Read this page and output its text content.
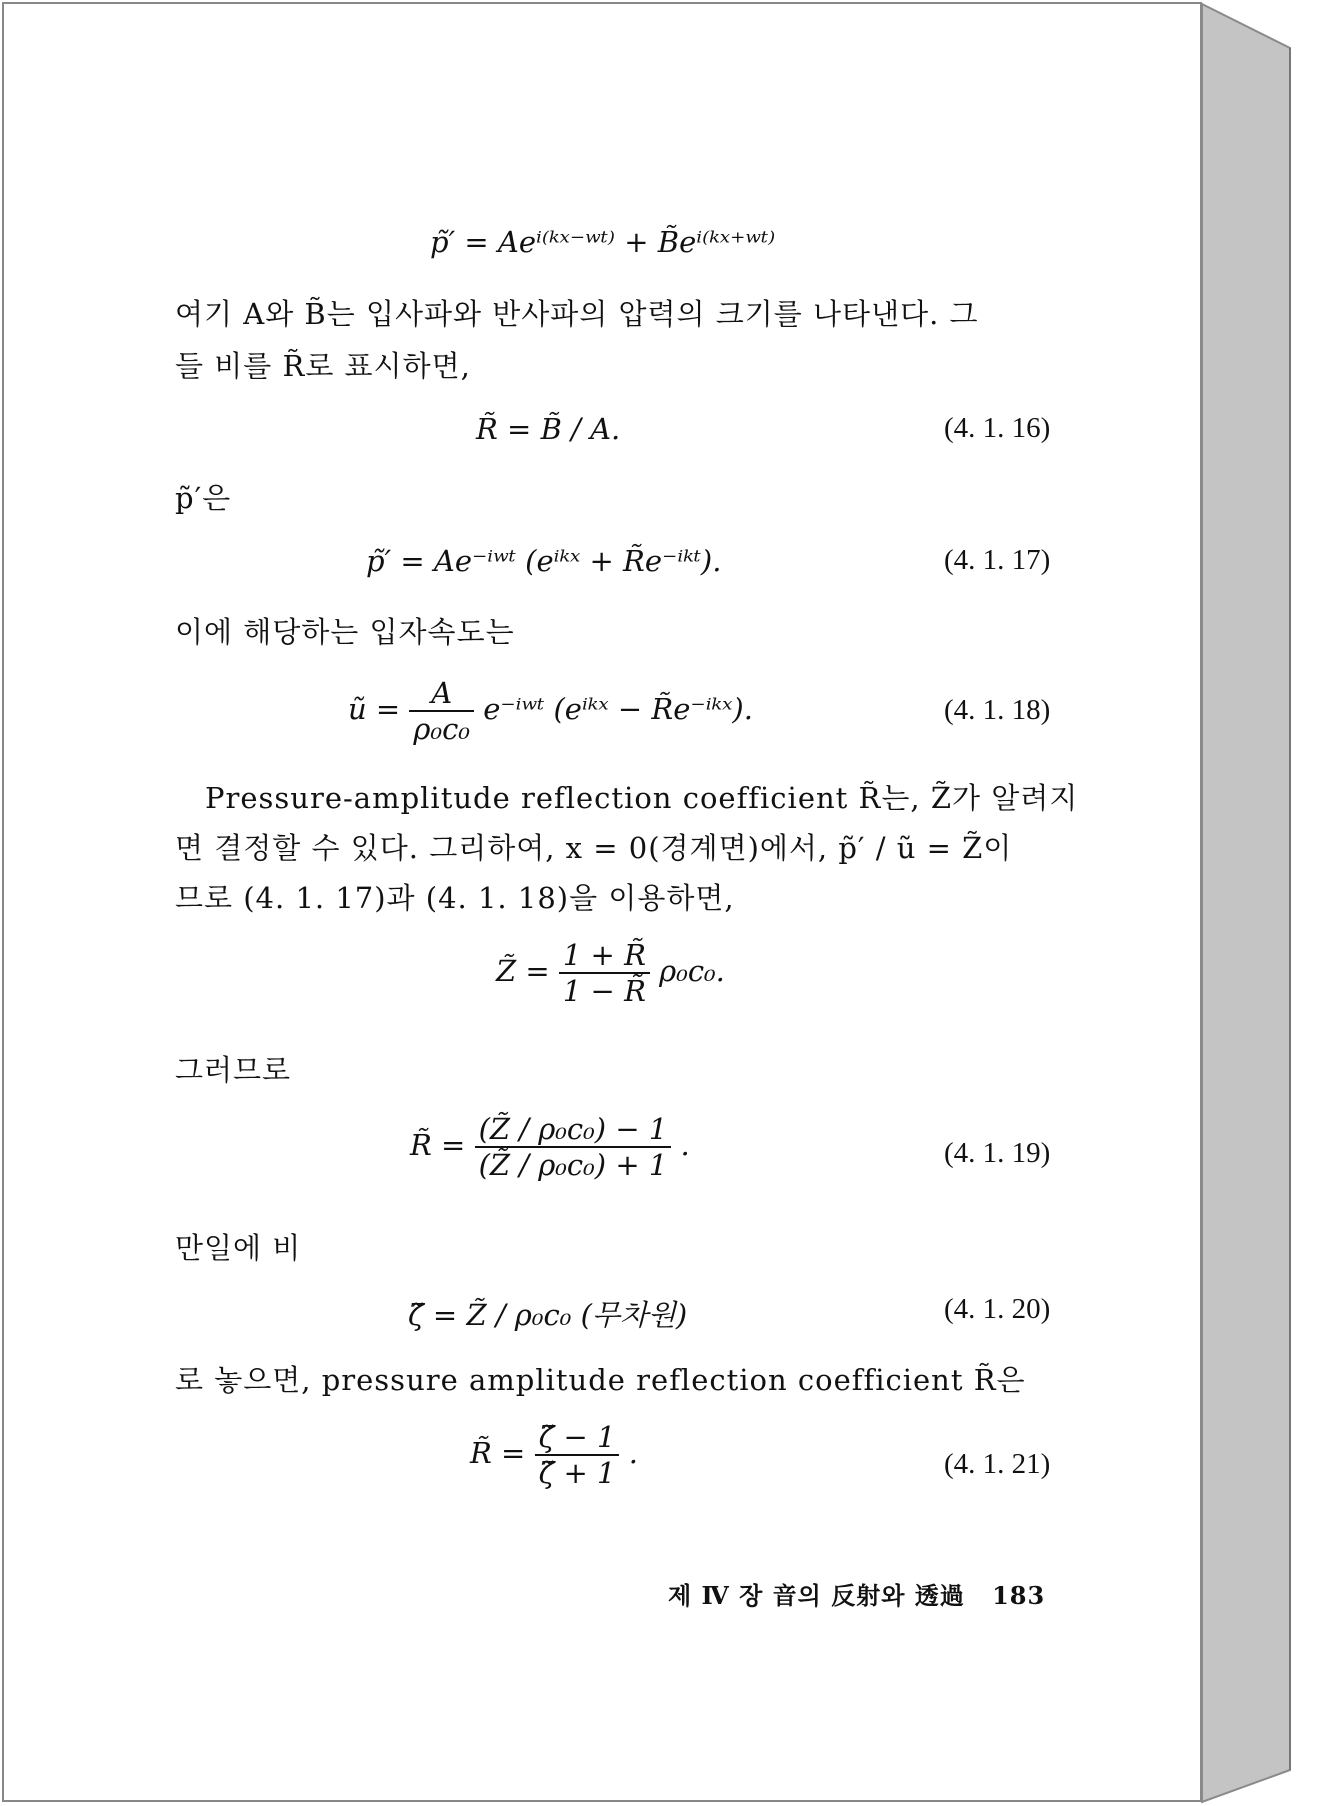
p̃′ = Aeⁱ⁽ᵏˣ⁻ʷᵗ⁾ + B̃eⁱ⁽ᵏˣ⁺ʷᵗ⁾
여기 A와 B̃는 입사파와 반사파의 압력의 크기를 나타낸다. 그
들 비를 R̃로 표시하면,
R̃ = B̃ / A.	(4. 1. 16)
p̃′은
p̃′ = Ae⁻ⁱʷᵗ (eⁱᵏˣ + R̃e⁻ⁱᵏᵗ).	(4. 1. 17)
이에 해당하는 입자속도는
ũ = $\frac{A}{\text{ρ₀c₀}}$ e⁻ⁱʷᵗ (eⁱᵏˣ − R̃e⁻ⁱᵏˣ).	(4. 1. 18)
Pressure-amplitude reflection coefficient R̃는, Z̃가 알려지
면 결정할 수 있다. 그리하여, x = 0(경계면)에서, p̃′ / ũ = Z̃이
므로 (4. 1. 17)과 (4. 1. 18)을 이용하면,
Z̃ = $\frac{1 + R̃}{1 - R̃} \rho_0c_0$.
그러므로
R̃ = $\frac{\text{(Z̃ / ρ₀c₀) − 1}}{\text{(Z̃ / ρ₀c₀) + 1}}$ .	(4. 1. 19)
만일에 비
ζ̃ = Z̃ / ρ₀c₀ (무차원)	(4. 1. 20)
로 놓으면, pressure amplitude reflection coefficient R̃은
R̃ = $\frac{\zetã - 1}{\zetã + 1}$ .	(4. 1. 21)
제 Ⅳ 장 音의 反射와 透過 183
